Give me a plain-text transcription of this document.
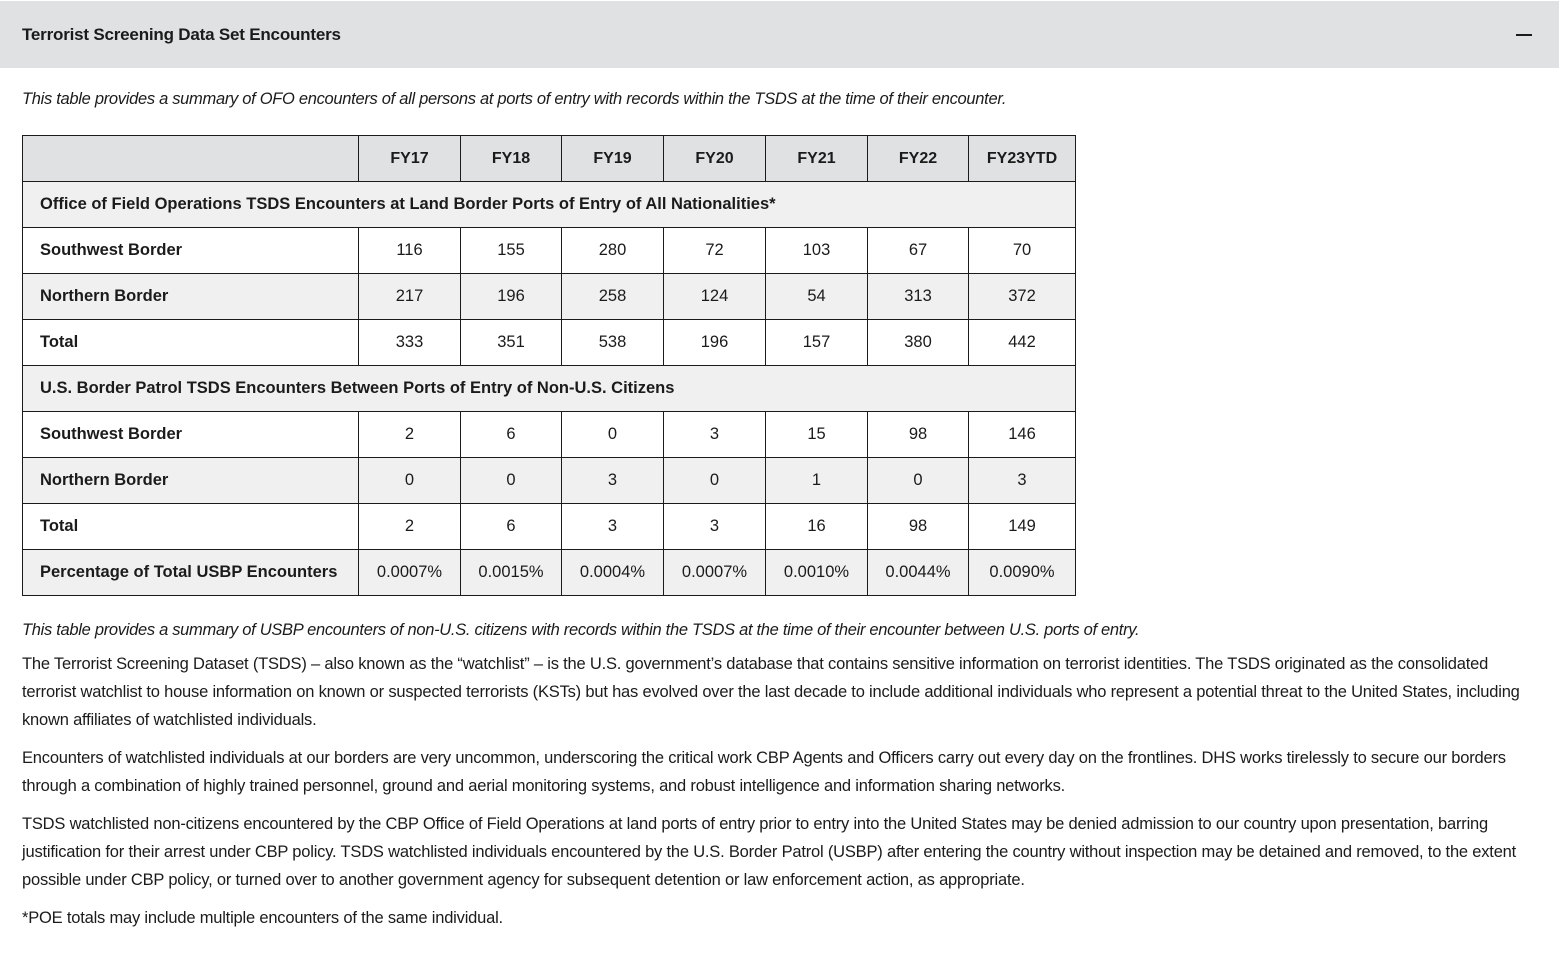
Terrorist Screening Data Set Encounters

This table provides a summary of OFO encounters of all persons at ports of entry with records within the TSDS at the time of their encounter.

	FY17	FY18	FY19	FY20	FY21	FY22	FY23YTD
Office of Field Operations TSDS Encounters at Land Border Ports of Entry of All Nationalities*							
Southwest Border	116	155	280	72	103	67	70
Northern Border	217	196	258	124	54	313	372
Total	333	351	538	196	157	380	442
U.S. Border Patrol TSDS Encounters Between Ports of Entry of Non-U.S. Citizens							
Southwest Border	2	6	0	3	15	98	146
Northern Border	0	0	3	0	1	0	3
Total	2	6	3	3	16	98	149
Percentage of Total USBP Encounters	0.0007%	0.0015%	0.0004%	0.0007%	0.0010%	0.0044%	0.0090%

This table provides a summary of USBP encounters of non-U.S. citizens with records within the TSDS at the time of their encounter between U.S. ports of entry.

The Terrorist Screening Dataset (TSDS) – also known as the “watchlist” – is the U.S. government’s database that contains sensitive information on terrorist identities. The TSDS originated as the consolidated terrorist watchlist to house information on known or suspected terrorists (KSTs) but has evolved over the last decade to include additional individuals who represent a potential threat to the United States, including known affiliates of watchlisted individuals.

Encounters of watchlisted individuals at our borders are very uncommon, underscoring the critical work CBP Agents and Officers carry out every day on the frontlines. DHS works tirelessly to secure our borders through a combination of highly trained personnel, ground and aerial monitoring systems, and robust intelligence and information sharing networks.

TSDS watchlisted non-citizens encountered by the CBP Office of Field Operations at land ports of entry prior to entry into the United States may be denied admission to our country upon presentation, barring justification for their arrest under CBP policy. TSDS watchlisted individuals encountered by the U.S. Border Patrol (USBP) after entering the country without inspection may be detained and removed, to the extent possible under CBP policy, or turned over to another government agency for subsequent detention or law enforcement action, as appropriate.

*POE totals may include multiple encounters of the same individual.
